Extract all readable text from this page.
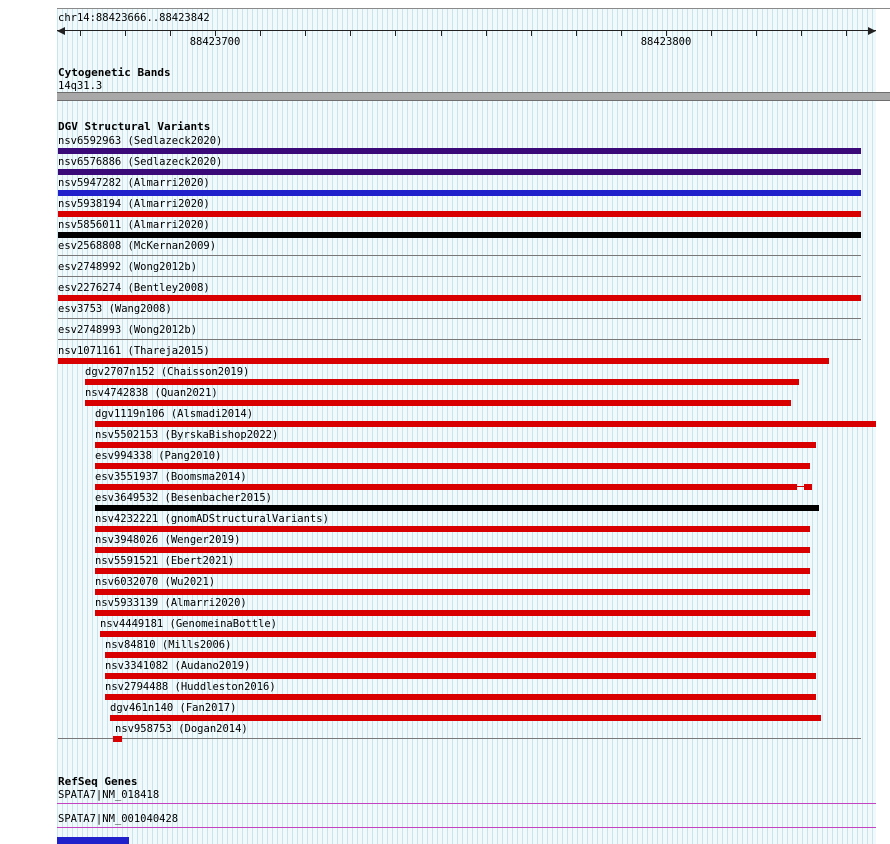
chr14:88423666..88423842
88423700	88423800
Cytogenetic Bands
14q31.3
DGV Structural Variants
nsv6592963 (Sedlazeck2020)
nsv6576886 (Sedlazeck2020)
nsv5947282 (Almarri2020)
nsv5938194 (Almarri2020)
nsv5856011 (Almarri2020)
esv2568808 (McKernan2009)
esv2748992 (Wong2012b)
esv2276274 (Bentley2008)
esv3753 (Wang2008)
esv2748993 (Wong2012b)
nsv1071161 (Thareja2015)
dgv2707n152 (Chaisson2019)
nsv4742838 (Quan2021)
dgv1119n106 (Alsmadi2014)
nsv5502153 (ByrskaBishop2022)
esv994338 (Pang2010)
esv3551937 (Boomsma2014)
esv3649532 (Besenbacher2015)
nsv4232221 (gnomADStructuralVariants)
nsv3948026 (Wenger2019)
nsv5591521 (Ebert2021)
nsv6032070 (Wu2021)
nsv5933139 (Almarri2020)
nsv4449181 (GenomeinaBottle)
nsv84810 (Mills2006)
nsv3341082 (Audano2019)
nsv2794488 (Huddleston2016)
dgv461n140 (Fan2017)
nsv958753 (Dogan2014)
RefSeq Genes
SPATA7|NM_018418
SPATA7|NM_001040428
